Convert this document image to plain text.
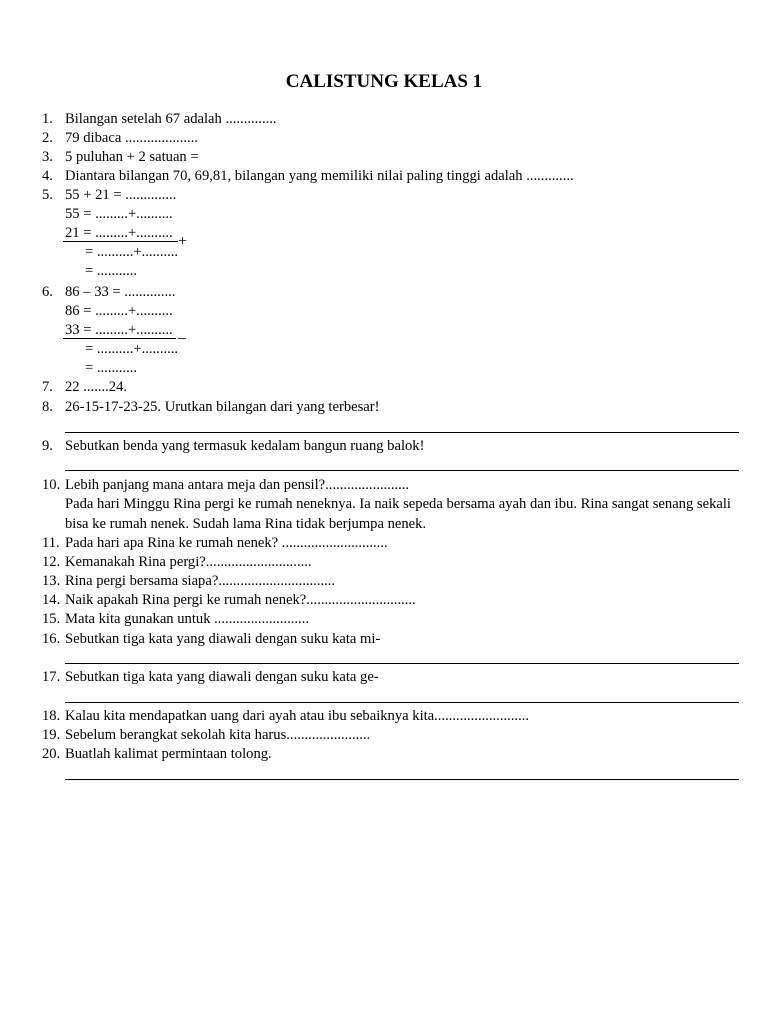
CALISTUNG KELAS 1
1. Bilangan setelah 67 adalah ..............
2. 79 dibaca ....................
3. 5 puluhan + 2 satuan =
4. Diantara bilangan 70, 69,81, bilangan yang memiliki nilai paling tinggi adalah .............
5. 55 + 21 = ..............
55 = .........+..........
21 = .........+.......... +
= ..........+..........
= ...........
6. 86 – 33 = ..............
86 = .........+..........
33 = .........+.......... _
= ..........+..........
= ...........
7. 22 .......24.
8. 26-15-17-23-25. Urutkan bilangan dari yang terbesar!
9. Sebutkan benda yang termasuk kedalam bangun ruang balok!
10. Lebih panjang mana antara meja dan pensil?.......................
Pada hari Minggu Rina pergi ke rumah neneknya. Ia naik sepeda bersama ayah dan ibu. Rina sangat senang sekali bisa ke rumah nenek. Sudah lama Rina tidak berjumpa nenek.
11. Pada hari apa Rina ke rumah nenek? .............................
12. Kemanakah Rina pergi?.............................
13. Rina pergi bersama siapa?................................
14. Naik apakah Rina pergi ke rumah nenek?..............................
15. Mata kita gunakan untuk ..........................
16. Sebutkan tiga kata yang diawali dengan suku kata mi-
17. Sebutkan tiga kata yang diawali dengan suku kata ge-
18. Kalau kita mendapatkan uang dari ayah atau ibu sebaiknya kita..........................
19. Sebelum berangkat sekolah kita harus.......................
20. Buatlah kalimat permintaan tolong.
